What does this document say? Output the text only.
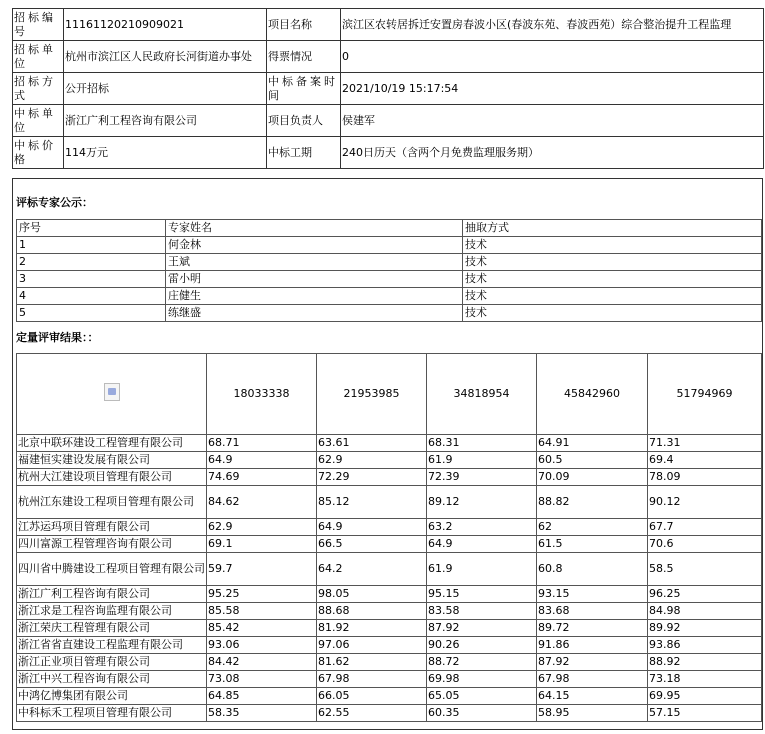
招标编号	11161120210909021	项目名称	滨江区农转居拆迁安置房春波小区(春波东苑、春波西苑）综合整治提升工程监理
招标单位	杭州市滨江区人民政府长河街道办事处	得票情况	0
招标方式	公开招标	中标备案时间	2021/10/19 15:17:54
中标单位	浙江广利工程咨询有限公司	项目负责人	侯建军
中标价格	114万元	中标工期	240日历天（含两个月免费监理服务期）
评标专家公示：
序号	专家姓名	抽取方式
1	何金林	技术
2	王斌	技术
3	雷小明	技术
4	庄健生	技术
5	练继盛	技术
定量评审结果：：
	18033338	21953985	34818954	45842960	51794969
北京中联环建设工程管理有限公司	68.71	63.61	68.31	64.91	71.31
福建恒实建设发展有限公司	64.9	62.9	61.9	60.5	69.4
杭州大江建设项目管理有限公司	74.69	72.29	72.39	70.09	78.09
杭州江东建设工程项目管理有限公司	84.62	85.12	89.12	88.82	90.12
江苏运玛项目管理有限公司	62.9	64.9	63.2	62	67.7
四川富源工程管理咨询有限公司	69.1	66.5	64.9	61.5	70.6
四川省中腾建设工程项目管理有限公司	59.7	64.2	61.9	60.8	58.5
浙江广利工程咨询有限公司	95.25	98.05	95.15	93.15	96.25
浙江求是工程咨询监理有限公司	85.58	88.68	83.58	83.68	84.98
浙江荣庆工程管理有限公司	85.42	81.92	87.92	89.72	89.92
浙江省省直建设工程监理有限公司	93.06	97.06	90.26	91.86	93.86
浙江正业项目管理有限公司	84.42	81.62	88.72	87.92	88.92
浙江中兴工程咨询有限公司	73.08	67.98	69.98	67.98	73.18
中鸿亿博集团有限公司	64.85	66.05	65.05	64.15	69.95
中科标禾工程项目管理有限公司	58.35	62.55	60.35	58.95	57.15
